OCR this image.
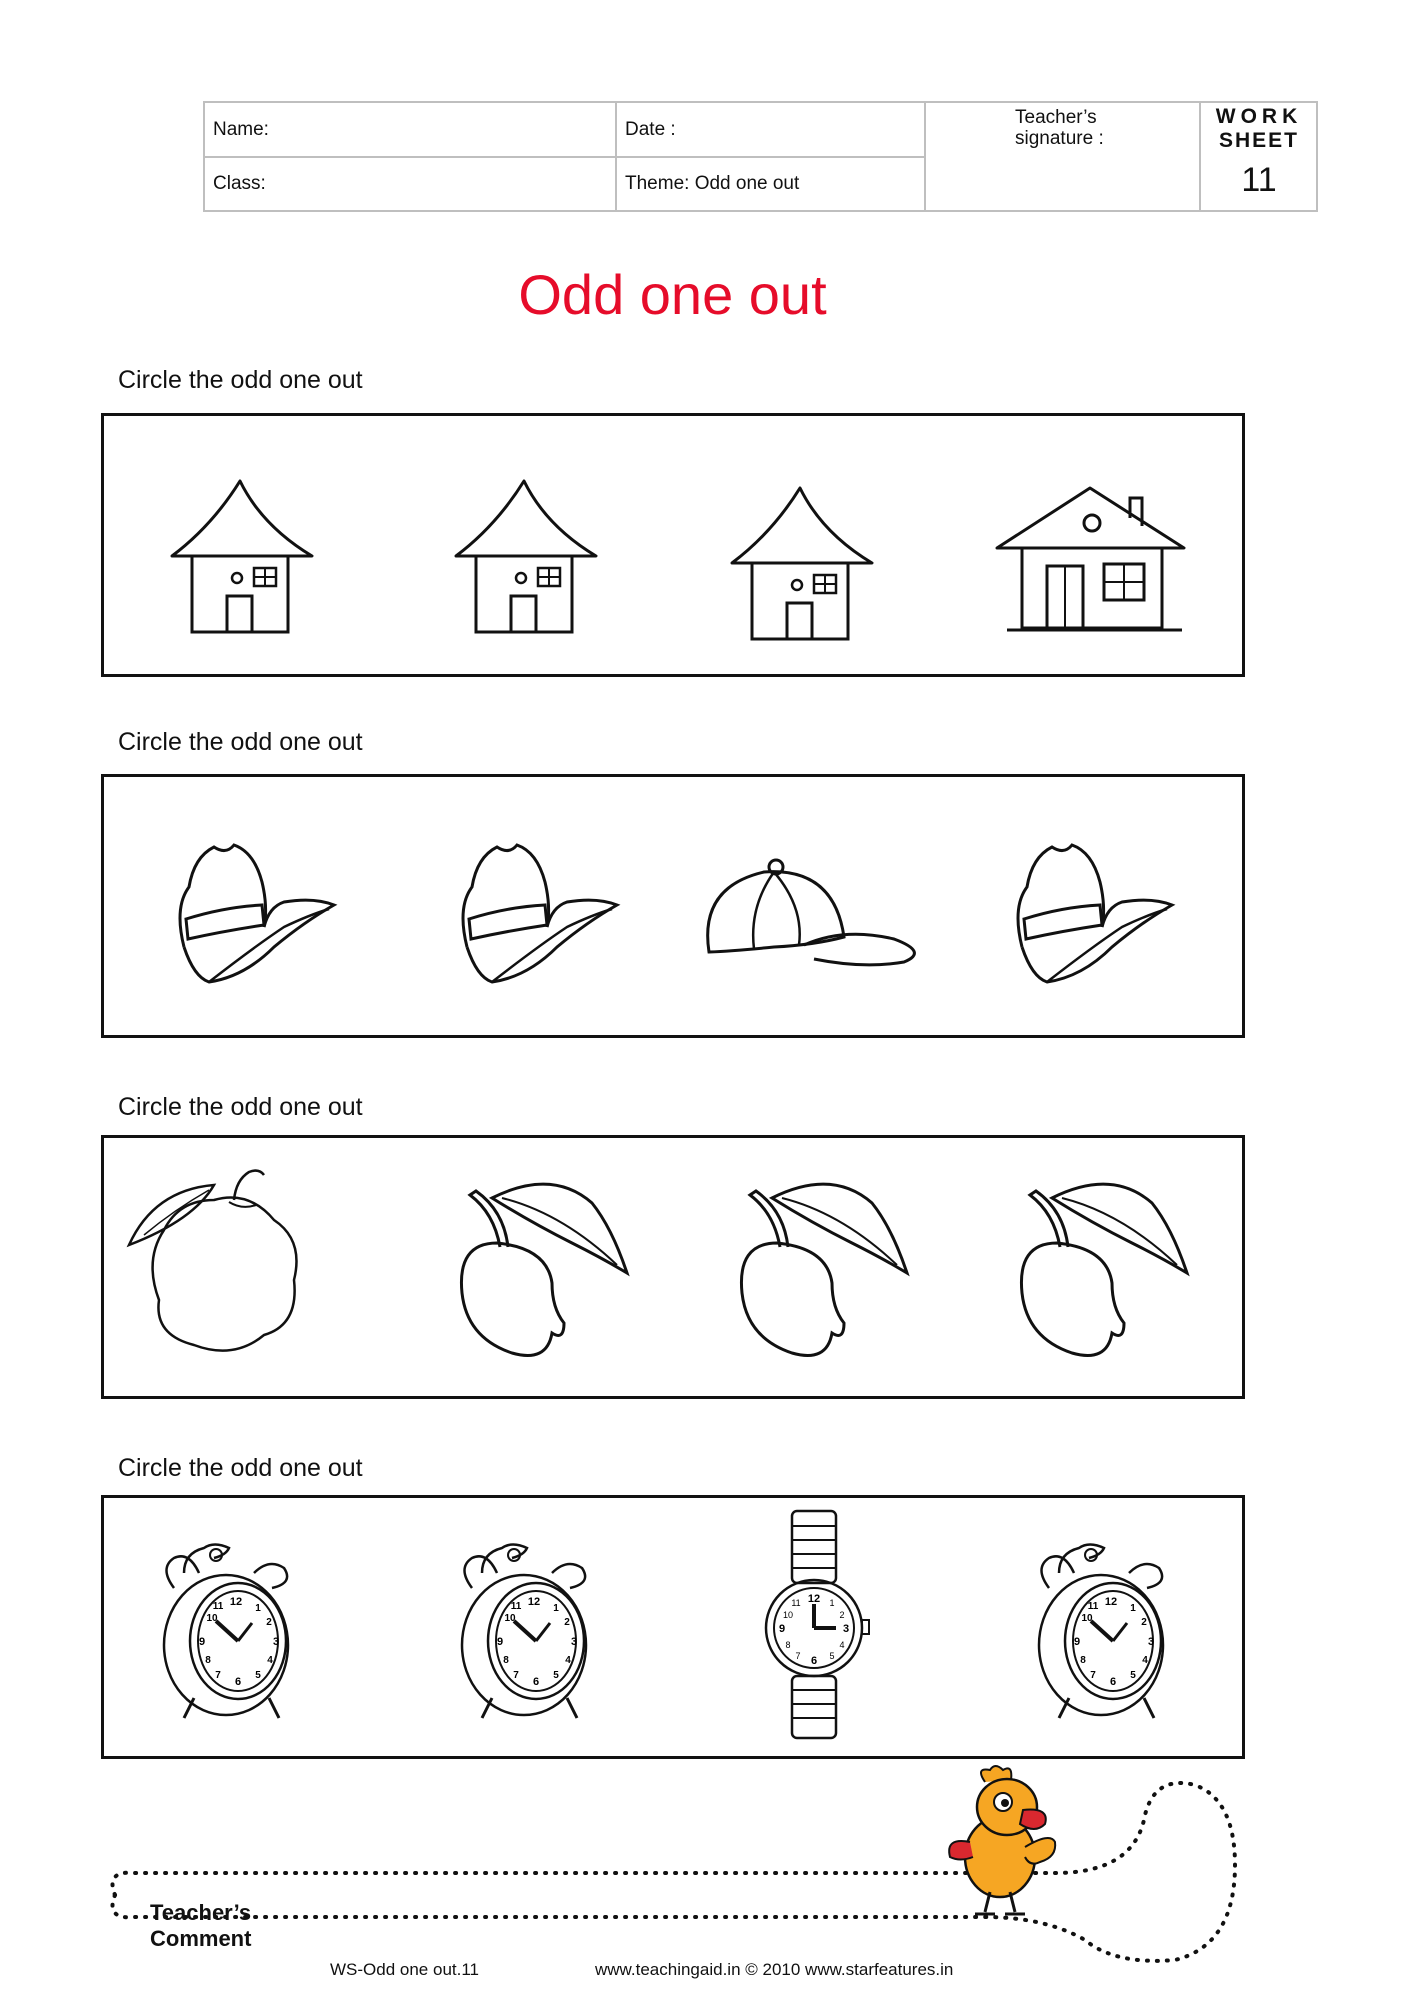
Name:	Date :
Teacher’s
signature :
WORK
SHEET
11
Class:	Theme: Odd one out
Odd one out
Circle the odd one out
Circle the odd one out
Circle the odd one out
Circle the odd one out
Teacher’s
Comment
WS-Odd one out.11	www.teachingaid.in © 2010 www.starfeatures.in
